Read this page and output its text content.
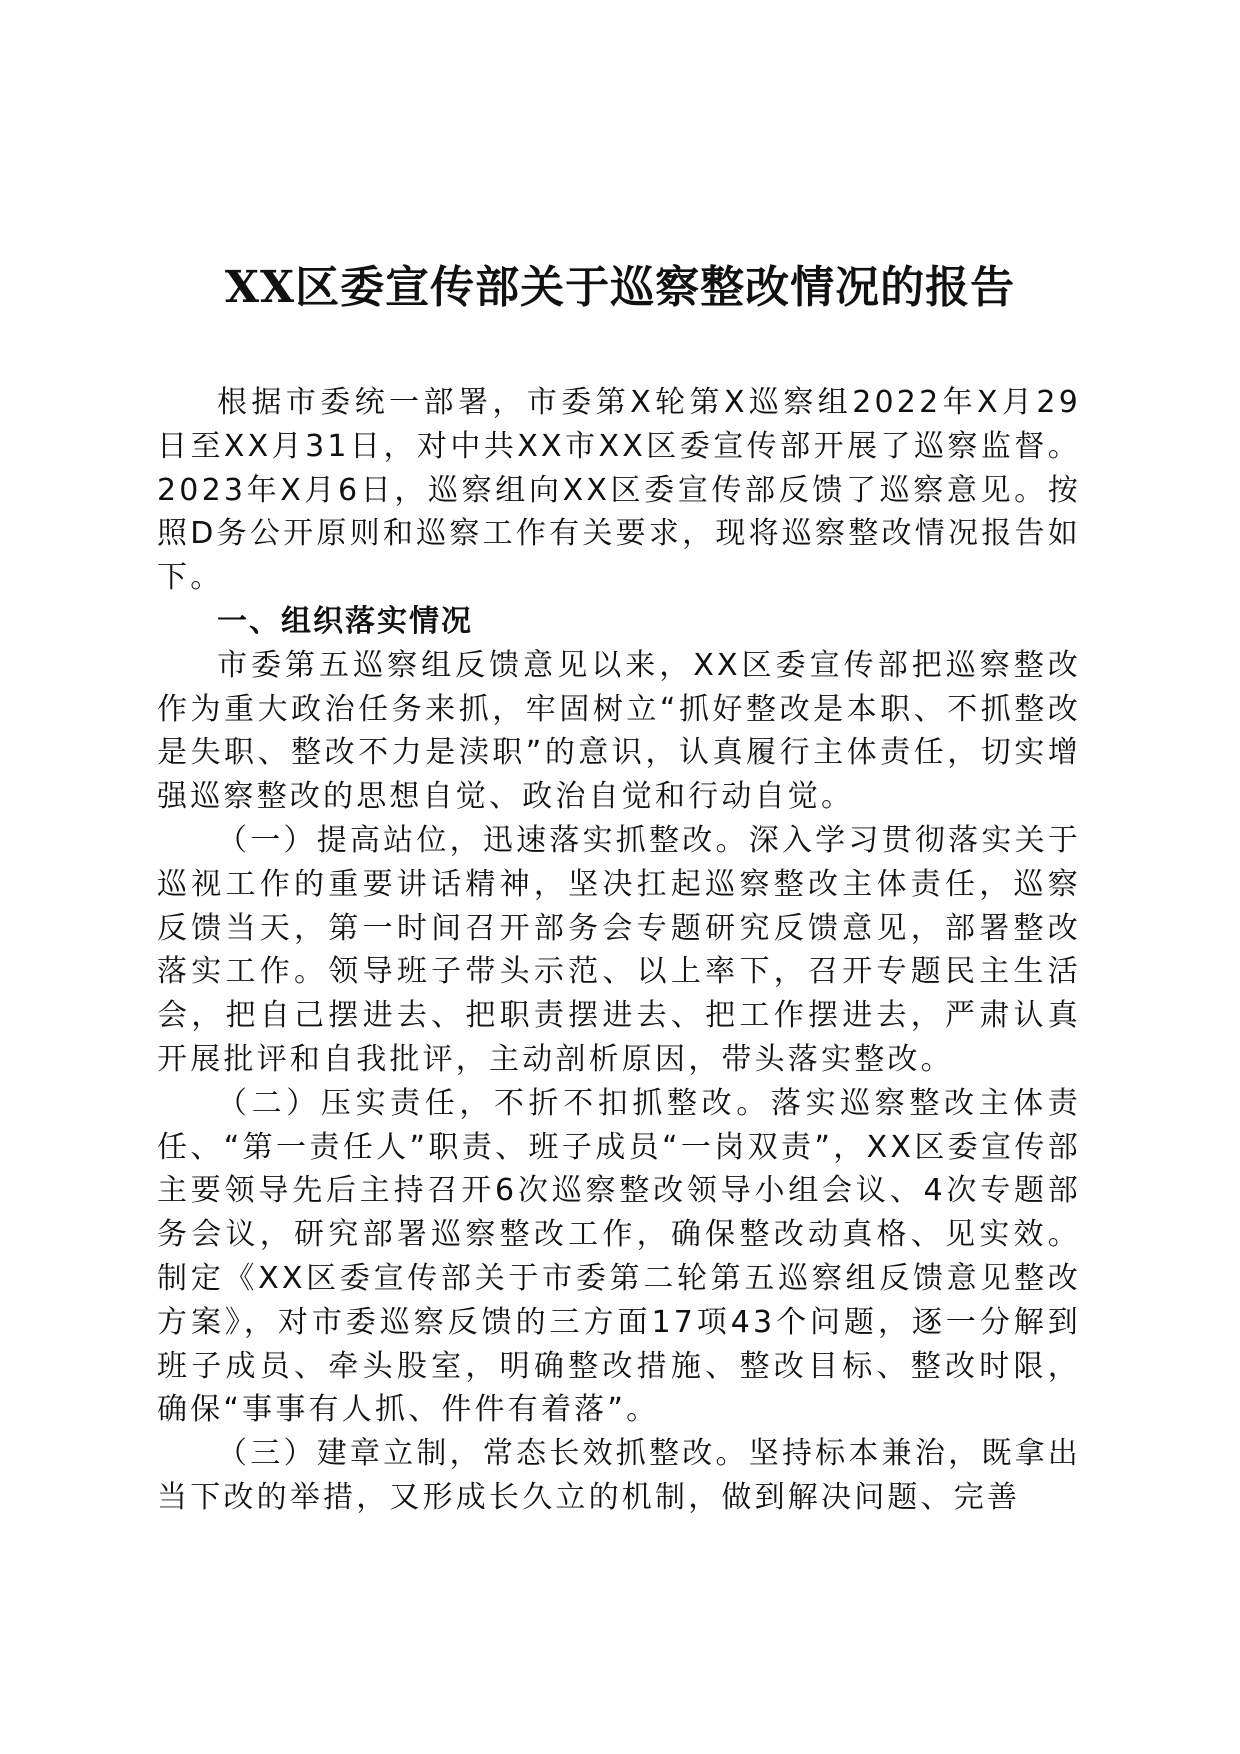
XX区委宣传部关于巡察整改情况的报告

根据市委统一部署，市委第X轮第X巡察组2022年X月29日至XX月31日，对中共XX市XX区委宣传部开展了巡察监督。2023年X月6日，巡察组向XX区委宣传部反馈了巡察意见。按照D务公开原则和巡察工作有关要求，现将巡察整改情况报告如下。

一、组织落实情况

市委第五巡察组反馈意见以来，XX区委宣传部把巡察整改作为重大政治任务来抓，牢固树立“抓好整改是本职、不抓整改是失职、整改不力是渎职”的意识，认真履行主体责任，切实增强巡察整改的思想自觉、政治自觉和行动自觉。

（一）提高站位，迅速落实抓整改。深入学习贯彻落实关于巡视工作的重要讲话精神，坚决扛起巡察整改主体责任，巡察反馈当天，第一时间召开部务会专题研究反馈意见，部署整改落实工作。领导班子带头示范、以上率下，召开专题民主生活会，把自己摆进去、把职责摆进去、把工作摆进去，严肃认真开展批评和自我批评，主动剖析原因，带头落实整改。

（二）压实责任，不折不扣抓整改。落实巡察整改主体责任、“第一责任人”职责、班子成员“一岗双责”，XX区委宣传部主要领导先后主持召开6次巡察整改领导小组会议、4次专题部务会议，研究部署巡察整改工作，确保整改动真格、见实效。制定《XX区委宣传部关于市委第二轮第五巡察组反馈意见整改方案》，对市委巡察反馈的三方面17项43个问题，逐一分解到班子成员、牵头股室，明确整改措施、整改目标、整改时限，确保“事事有人抓、件件有着落”。

（三）建章立制，常态长效抓整改。坚持标本兼治，既拿出当下改的举措，又形成长久立的机制，做到解决问题、完善
